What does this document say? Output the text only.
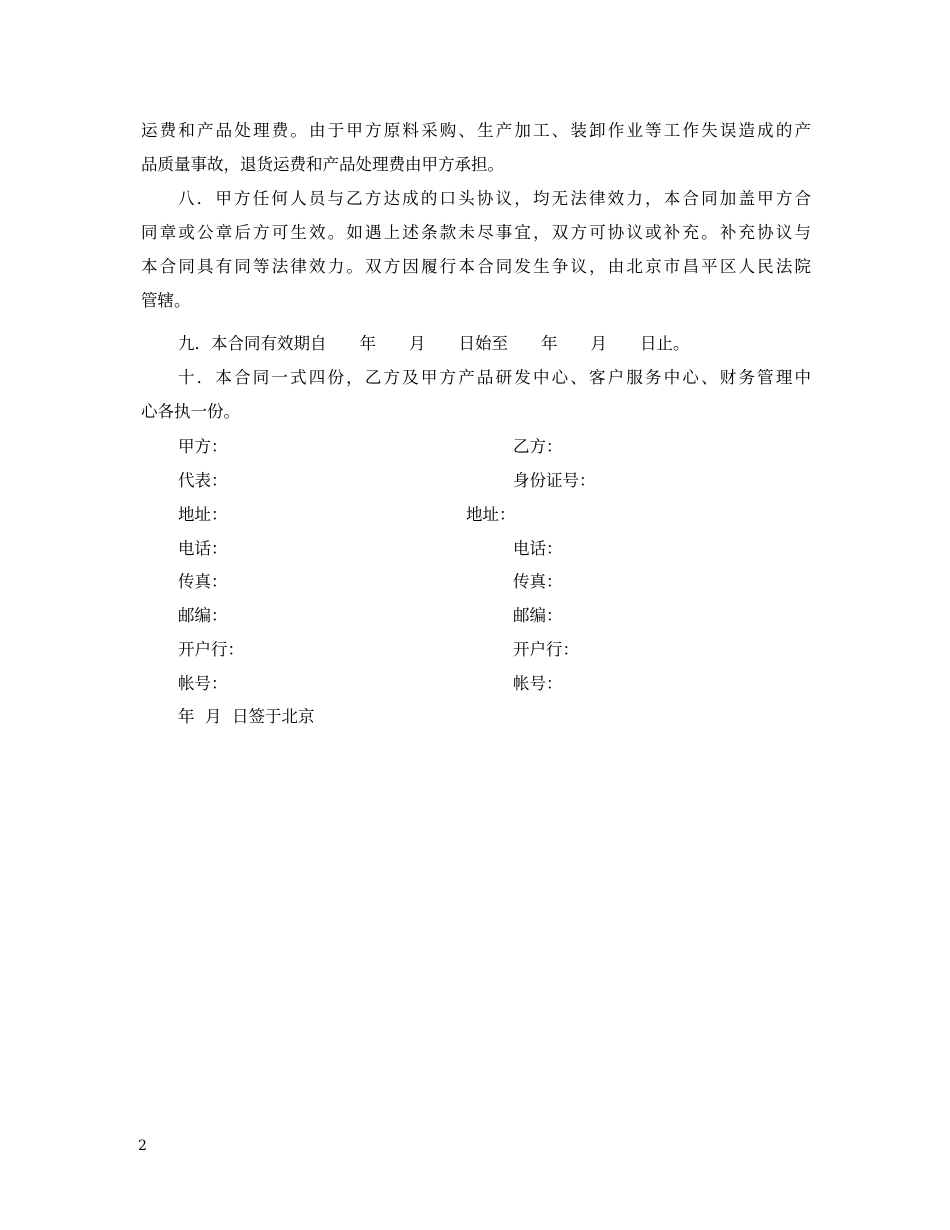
运费和产品处理费。由于甲方原料采购、生产加工、装卸作业等工作失误造成的产
品质量事故，退货运费和产品处理费由甲方承担。
八．甲方任何人员与乙方达成的口头协议，均无法律效力，本合同加盖甲方合
同章或公章后方可生效。如遇上述条款未尽事宜，双方可协议或补充。补充协议与
本合同具有同等法律效力。双方因履行本合同发生争议，由北京市昌平区人民法院
管辖。
九．本合同有效期自　　年　　月　　日始至　　年　　月　　日止。
十．本合同一式四份，乙方及甲方产品研发中心、客户服务中心、财务管理中
心各执一份。
甲方：	乙方：
代表：	身份证号：
地址：	地址：
电话：	电话：
传真：	传真：
邮编：	邮编：
开户行：	开户行：
帐号：	帐号：
年  月  日签于北京
2
